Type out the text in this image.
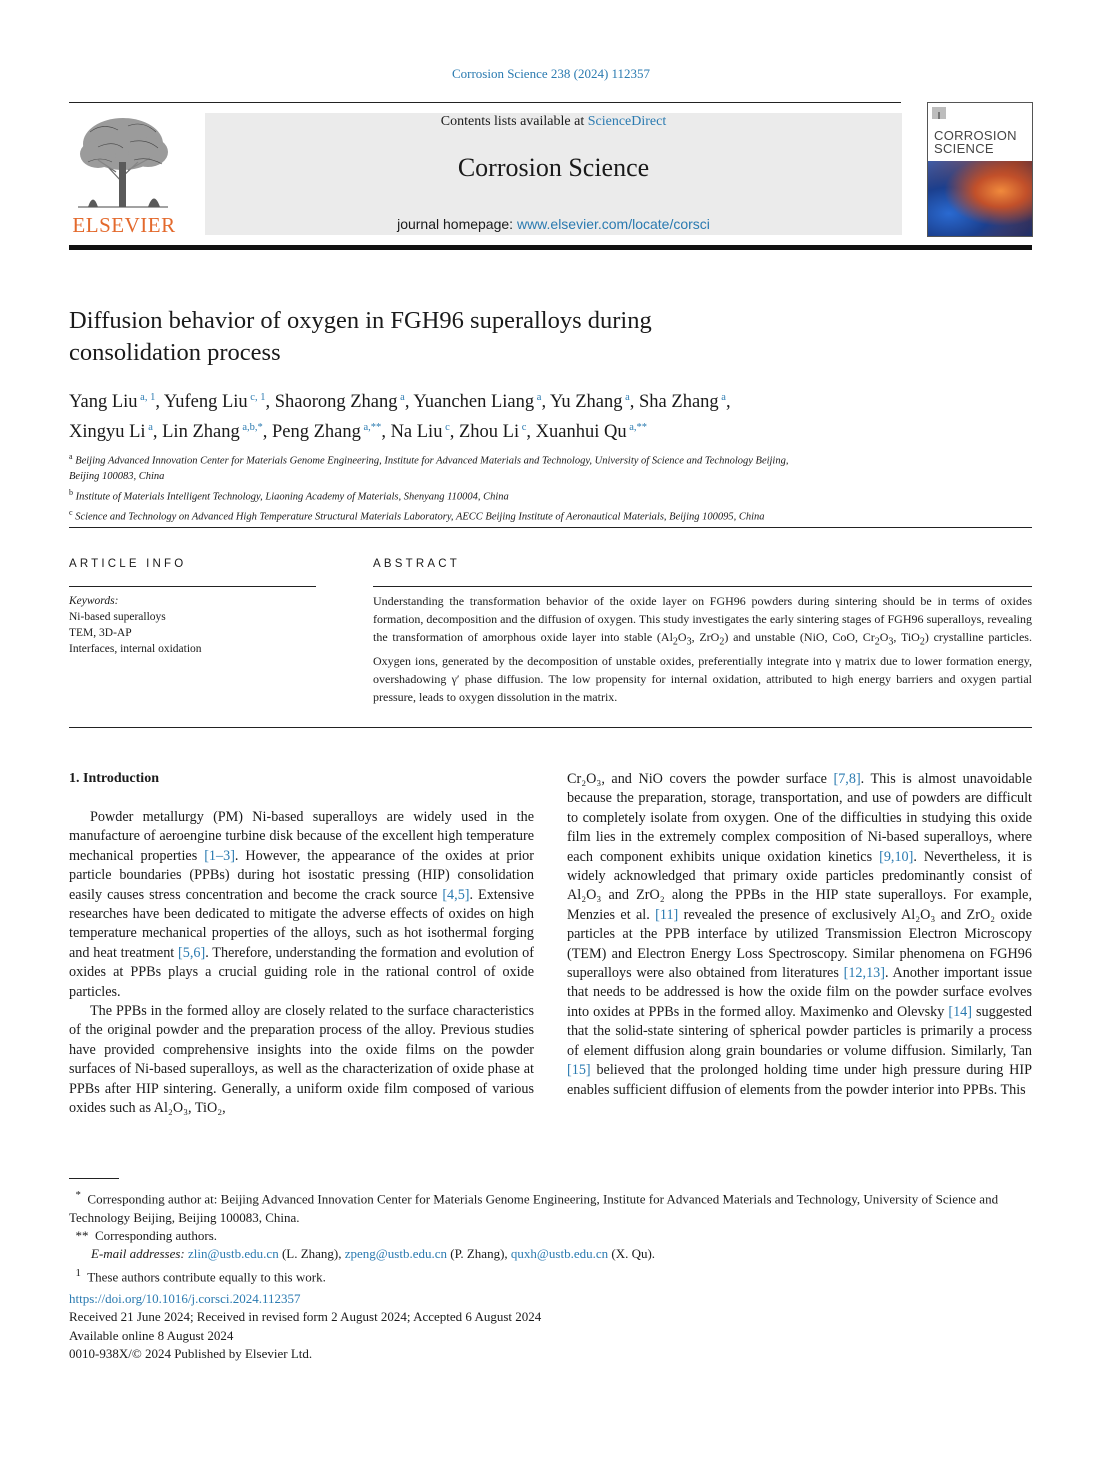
Corrosion Science 238 (2024) 112357
ELSEVIER
Contents lists available at ScienceDirect
Corrosion Science
journal homepage: www.elsevier.com/locate/corsci
CORROSION
SCIENCE
Diffusion behavior of oxygen in FGH96 superalloys during
consolidation process
Yang Liu $^{a, 1}$, Yufeng Liu $^{c, 1}$, Shaorong Zhang $^a$, Yuanchen Liang $^a$, Yu Zhang $^a$, Sha Zhang $^a$,
Xingyu Li $^a$, Lin Zhang $^{a,b,*}$, Peng Zhang $^{a,**}$, Na Liu $^c$, Zhou Li $^c$, Xuanhui Qu $^{a,**}$
$^a$ Beijing Advanced Innovation Center for Materials Genome Engineering, Institute for Advanced Materials and Technology, University of Science and Technology Beijing,
Beijing 100083, China
$^b$ Institute of Materials Intelligent Technology, Liaoning Academy of Materials, Shenyang 110004, China
$^c$ Science and Technology on Advanced High Temperature Structural Materials Laboratory, AECC Beijing Institute of Aeronautical Materials, Beijing 100095, China
ARTICLE INFO	ABSTRACT
Keywords:
Ni-based superalloys
TEM, 3D-AP
Interfaces, internal oxidation
Understanding the transformation behavior of the oxide layer on FGH96 powders during sintering should be in terms of oxides formation, decomposition and the diffusion of oxygen. This study investigates the early sintering stages of FGH96 superalloys, revealing the transformation of amorphous oxide layer into stable ($Al_2O_3$, ZrO$_2$) and unstable (NiO, CoO, $Cr_2O_3$, TiO$_2$) crystalline particles. Oxygen ions, generated by the decomposition of unstable oxides, preferentially integrate into γ matrix due to lower formation energy, overshadowing γ′ phase diffusion. The low propensity for internal oxidation, attributed to high energy barriers and oxygen partial pressure, leads to oxygen dissolution in the matrix.
1. Introduction

Powder metallurgy (PM) Ni-based superalloys are widely used in the manufacture of aeroengine turbine disk because of the excellent high temperature mechanical properties [1–3]. However, the appearance of the oxides at prior particle boundaries (PPBs) during hot isostatic pressing (HIP) consolidation easily causes stress concentration and become the crack source [4,5]. Extensive researches have been dedicated to mitigate the adverse effects of oxides on high temperature mechanical properties of the alloys, such as hot isothermal forging and heat treatment [5,6]. Therefore, understanding the formation and evolution of oxides at PPBs plays a crucial guiding role in the rational control of oxide particles.

The PPBs in the formed alloy are closely related to the surface characteristics of the original powder and the preparation process of the alloy. Previous studies have provided comprehensive insights into the oxide films on the powder surfaces of Ni-based superalloys, as well as the characterization of oxide phase at PPBs after HIP sintering. Generally, a uniform oxide film composed of various oxides such as Al₂O₃, TiO₂,

Cr₂O₃, and NiO covers the powder surface [7,8]. This is almost unavoidable because the preparation, storage, transportation, and use of powders are difficult to completely isolate from oxygen. One of the difficulties in studying this oxide film lies in the extremely complex composition of Ni-based superalloys, where each component exhibits unique oxidation kinetics [9,10]. Nevertheless, it is widely acknowledged that primary oxide particles predominantly consist of Al₂O₃ and ZrO₂ along the PPBs in the HIP state superalloys. For example, Menzies et al. [11] revealed the presence of exclusively Al₂O₃ and ZrO₂ oxide particles at the PPB interface by utilized Transmission Electron Microscopy (TEM) and Electron Energy Loss Spectroscopy. Similar phenomena on FGH96 superalloys were also obtained from literatures [12,13]. Another important issue that needs to be addressed is how the oxide film on the powder surface evolves into oxides at PPBs in the formed alloy. Maximenko and Olevsky [14] suggested that the solid-state sintering of spherical powder particles is primarily a process of element diffusion along grain boundaries or volume diffusion. Similarly, Tan [15] believed that the prolonged holding time under high pressure during HIP enables sufficient diffusion of elements from the powder interior into PPBs. This

* Corresponding author at: Beijing Advanced Innovation Center for Materials Genome Engineering, Institute for Advanced Materials and Technology, University of Science and Technology Beijing, Beijing 100083, China.

** Corresponding authors.

E-mail addresses: zlin@ustb.edu.cn (L. Zhang), zpeng@ustb.edu.cn (P. Zhang), quxh@ustb.edu.cn (X. Qu).

$^1$ These authors contribute equally to this work.

https://doi.org/10.1016/j.corsci.2024.112357

Received 21 June 2024; Received in revised form 2 August 2024; Accepted 6 August 2024

Available online 8 August 2024

0010-938X/© 2024 Published by Elsevier Ltd.
